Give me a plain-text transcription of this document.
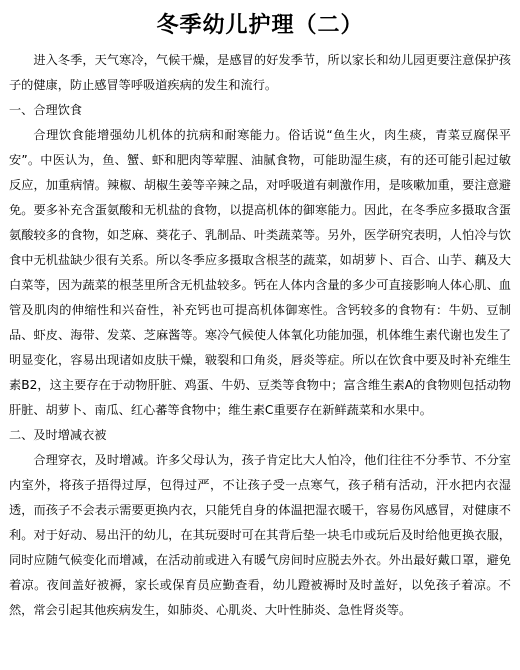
冬季幼儿护理（二）

进入冬季，天气寒冷，气候干燥，是感冒的好发季节，所以家长和幼儿园更要注意保护孩子的健康，防止感冒等呼吸道疾病的发生和流行。

一、合理饮食

合理饮食能增强幼儿机体的抗病和耐寒能力。俗话说“鱼生火，肉生痰，青菜豆腐保平安”。中医认为，鱼、蟹、虾和肥肉等荤腥、油腻食物，可能助湿生痰，有的还可能引起过敏反应，加重病情。辣椒、胡椒生姜等辛辣之品，对呼吸道有刺激作用，是咳嗽加重，要注意避免。要多补充含蛋氨酸和无机盐的食物，以提高机体的御寒能力。因此，在冬季应多摄取含蛋氨酸较多的食物，如芝麻、葵花子、乳制品、叶类蔬菜等。另外，医学研究表明，人怕冷与饮食中无机盐缺少很有关系。所以冬季应多摄取含根茎的蔬菜，如胡萝卜、百合、山芋、藕及大白菜等，因为蔬菜的根茎里所含无机盐较多。钙在人体内含量的多少可直接影响人体心肌、血管及肌肉的伸缩性和兴奋性，补充钙也可提高机体御寒性。含钙较多的食物有：牛奶、豆制品、虾皮、海带、发菜、芝麻酱等。寒冷气候使人体氧化功能加强，机体维生素代谢也发生了明显变化，容易出现诸如皮肤干燥，皲裂和口角炎，唇炎等症。所以在饮食中要及时补充维生素B2，这主要存在于动物肝脏、鸡蛋、牛奶、豆类等食物中；富含维生素A的食物则包括动物肝脏、胡萝卜、南瓜、红心蕃等食物中；维生素C重要存在新鲜蔬菜和水果中。

二、及时增减衣被

合理穿衣，及时增减。许多父母认为，孩子肯定比大人怕冷，他们往往不分季节、不分室内室外，将孩子捂得过厚，包得过严，不让孩子受一点寒气，孩子稍有活动，汗水把内衣湿透，而孩子不会表示需要更换内衣，只能凭自身的体温把湿衣暖干，容易伤风感冒，对健康不利。对于好动、易出汗的幼儿，在其玩耍时可在其背后垫一块毛巾或玩后及时给他更换衣服，同时应随气候变化而增减，在活动前或进入有暖气房间时应脱去外衣。外出最好戴口罩，避免着凉。夜间盖好被褥，家长或保育员应勤查看，幼儿蹬被褥时及时盖好，以免孩子着凉。不然，常会引起其他疾病发生，如肺炎、心肌炎、大叶性肺炎、急性肾炎等。
